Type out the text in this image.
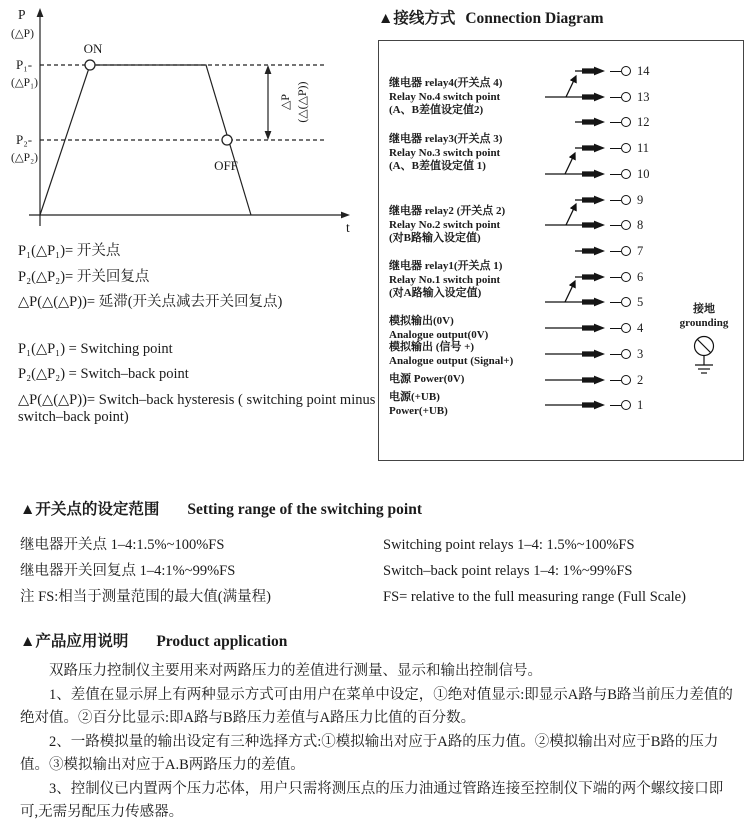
P
(△P)
t
ON
OFF
P₁-
(△P₁)
P₂-
(△P₂)
△P (△(△P))
▲接线方式 Connection Diagram
继电器 relay4(开关点 4)
Relay No.4 switch point
(A、B差值设定值2)
继电器 relay3(开关点 3)
Relay No.3 switch point
(A、B差值设定值 1)
继电器 relay2 (开关点 2)
Relay No.2 switch point
(对B路输入设定值)
继电器 relay1(开关点 1)
Relay No.1 switch point
(对A路输入设定值)
模拟输出(0V)
Analogue output(0V)
模拟输出 (信号 +)
Analogue output (Signal+)
电源 Power(0V)
电源(+UB)
Power(+UB)
接地
grounding
14
13
12
11
10
9
8
7
6
5
4
3
2
1
P₁(△P₁)= 开关点
P₂(△P₂)= 开关回复点
△P(△(△P))= 延滞(开关点减去开关回复点)
P₁(△P₁) = Switching point
P₂(△P₂) = Switch–back point
△P(△(△P))= Switch–back hysteresis ( switching point minus switch–back point)
▲开关点的设定范围 Setting range of the switching point
继电器开关点 1–4:1.5%~100%FS	Switching point relays 1–4: 1.5%~100%FS
继电器开关回复点 1–4:1%~99%FS	Switch–back point relays 1–4: 1%~99%FS
注 FS:相当于测量范围的最大值(满量程)	FS= relative to the full measuring range (Full Scale)
▲产品应用说明 Product application

双路压力控制仪主要用来对两路压力的差值进行测量、显示和输出控制信号。

1、差值在显示屏上有两种显示方式可由用户在菜单中设定，①绝对值显示:即显示A路与B路当前压力差值的绝对值。②百分比显示:即A路与B路压力差值与A路压力比值的百分数。

2、一路模拟量的输出设定有三种选择方式:①模拟输出对应于A路的压力值。②模拟输出对应于B路的压力值。③模拟输出对应于A.B两路压力的差值。

3、控制仪已内置两个压力芯体，用户只需将测压点的压力油通过管路连接至控制仪下端的两个螺纹接口即可,无需另配压力传感器。
